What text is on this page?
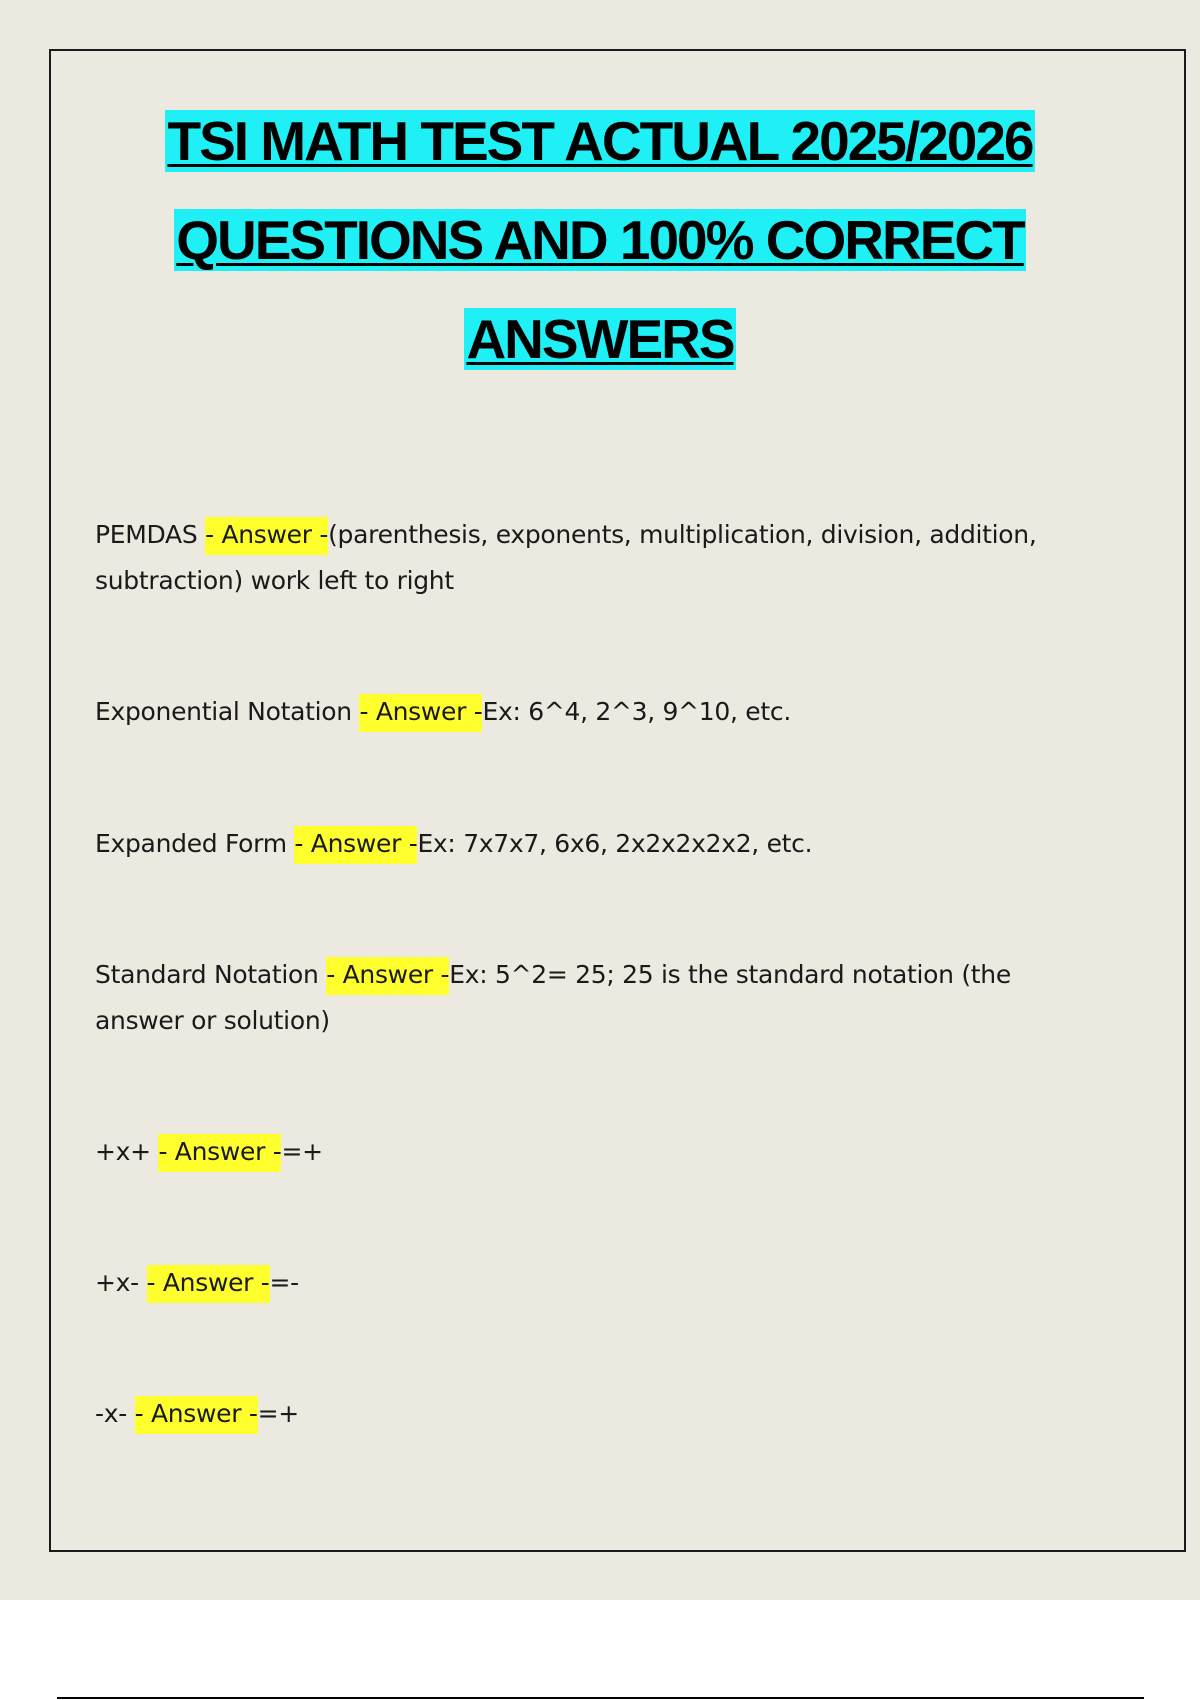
TSI MATH TEST ACTUAL 2025/2026
QUESTIONS AND 100% CORRECT
ANSWERS
PEMDAS - Answer -(parenthesis, exponents, multiplication, division, addition, subtraction) work left to right
Exponential Notation - Answer -Ex: 6^4, 2^3, 9^10, etc.
Expanded Form - Answer -Ex: 7x7x7, 6x6, 2x2x2x2x2, etc.
Standard Notation - Answer -Ex: 5^2= 25; 25 is the standard notation (the answer or solution)
+x+ - Answer -=+
+x- - Answer -=-
-x- - Answer -=+
